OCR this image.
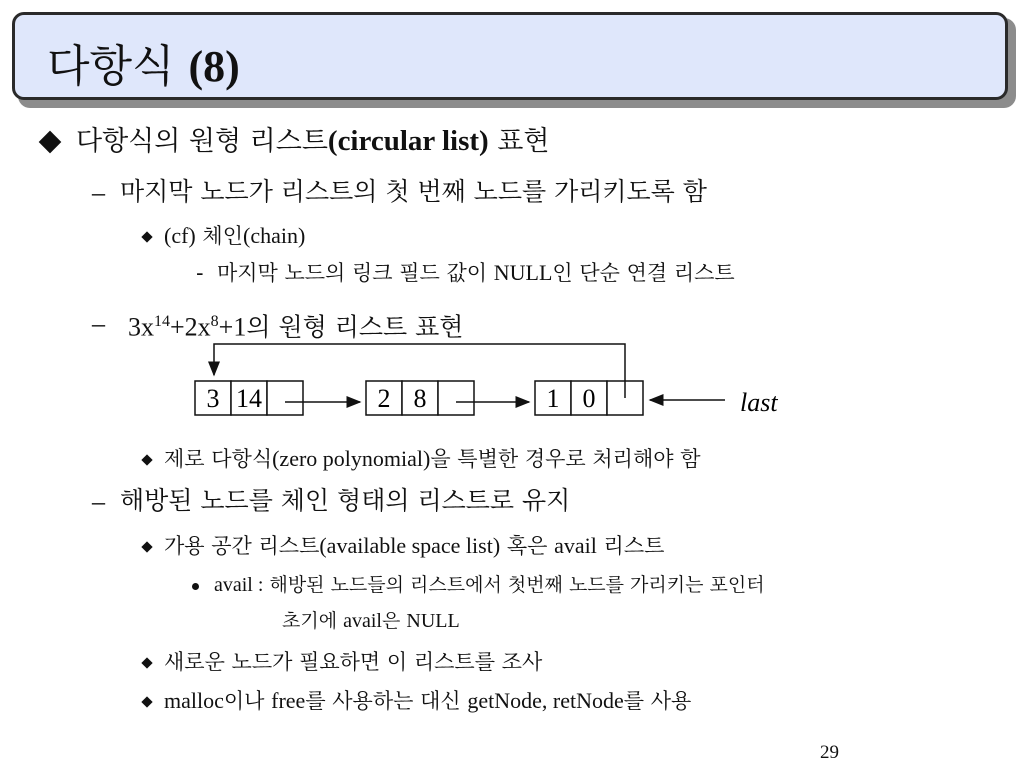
다항식 (8)
다항식의 원형 리스트(circular list) 표현
– 마지막 노드가 리스트의 첫 번째 노드를 가리키도록 함
(cf) 체인(chain)
- 마지막 노드의 링크 필드 값이 NULL인 단순 연결 리스트
– $3x^{14}+2x^8+1$의 원형 리스트 표현
3 14	2 8	1 0	last
제로 다항식(zero polynomial)을 특별한 경우로 처리해야 함
– 해방된 노드를 체인 형태의 리스트로 유지
가용 공간 리스트(available space list) 혹은 avail 리스트
avail : 해방된 노드들의 리스트에서 첫번째 노드를 가리키는 포인터
초기에 avail은 NULL
새로운 노드가 필요하면 이 리스트를 조사
malloc이나 free를 사용하는 대신 getNode, retNode를 사용
29
